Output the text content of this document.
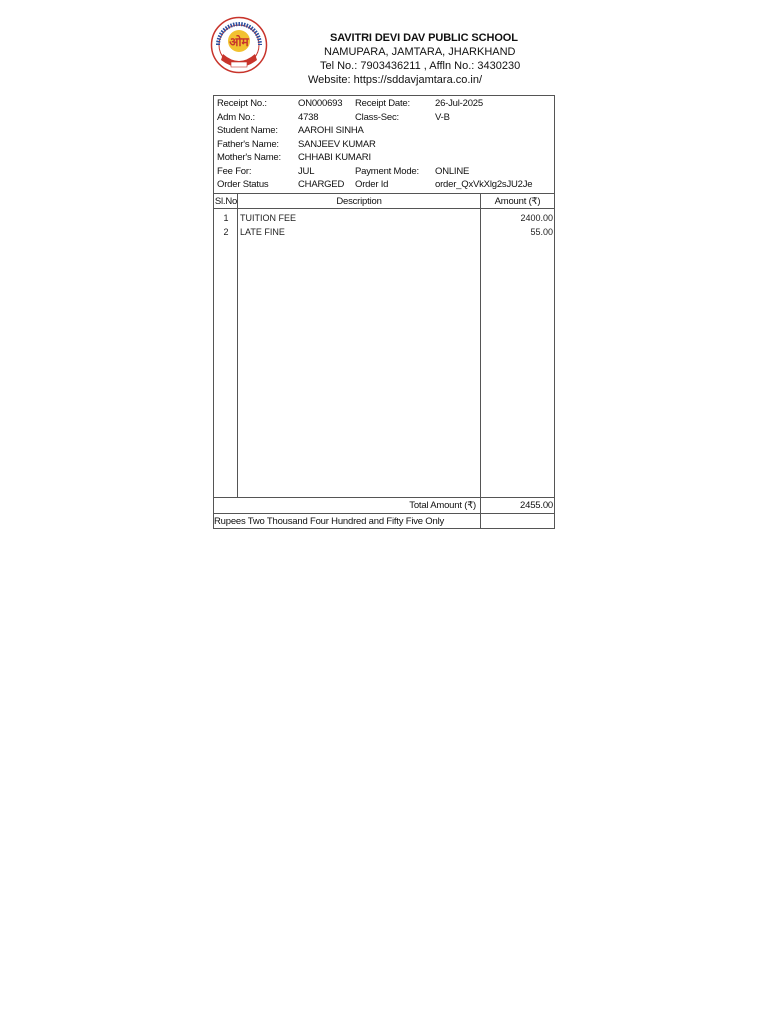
ओम	SAVITRI DEVI DAV PUBLIC SCHOOL
NAMUPARA, JAMTARA, JHARKHAND
Tel No.: 7903436211 , Affln No.: 3430230
Website: https://sddavjamtara.co.in/
Receipt No.:	ON000693 Receipt Date:	26-Jul-2025
Adm No.:	4738	Class-Sec:	V-B
Student Name: AAROHI SINHA
Father's Name: SANJEEV KUMAR
Mother's Name: CHHABI KUMARI
Fee For:	JUL	Payment Mode: ONLINE
Order Status	CHARGED Order Id	order_QxVkXlg2sJU2Je
Sl.No	Description	Amount (₹)
1	TUITION FEE	2400.00
2	LATE FINE	55.00
Total Amount (₹)	2455.00
Rupees Two Thousand Four Hundred and Fifty Five Only
